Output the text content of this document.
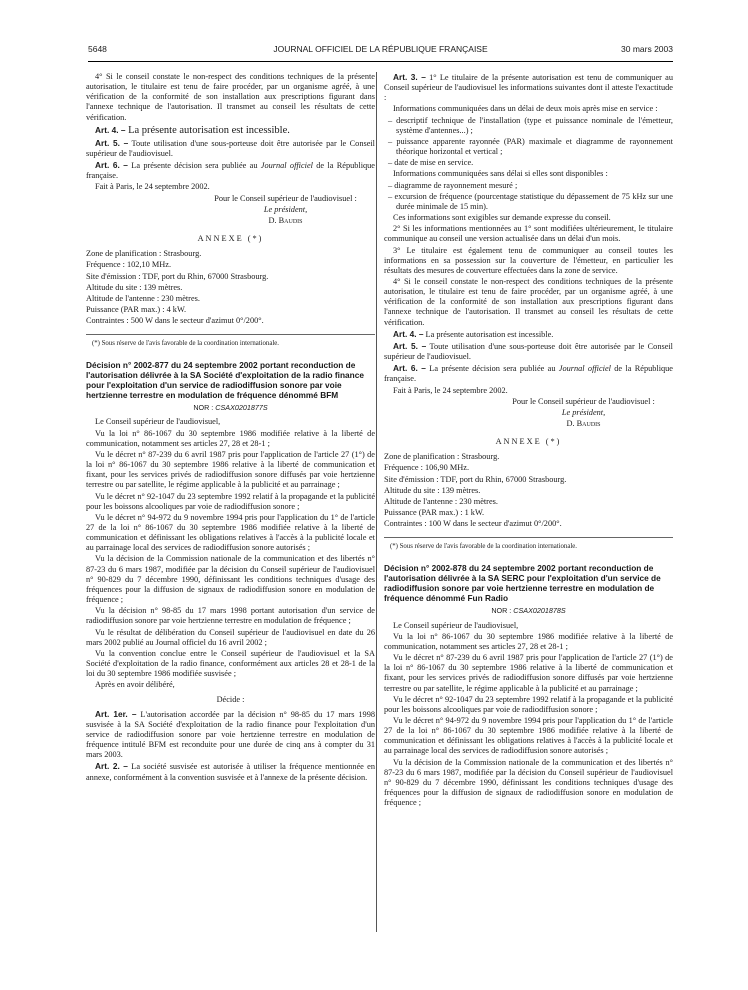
5648	JOURNAL OFFICIEL DE LA RÉPUBLIQUE FRANÇAISE	30 mars 2003

4° Si le conseil constate le non-respect des conditions techniques de la présente autorisation, le titulaire est tenu de faire procéder, par un organisme agréé, à une vérification de la conformité de son installation aux prescriptions figurant dans l'annexe technique de l'autorisation. Il transmet au conseil les résultats de cette vérification.

Art. 4. – La présente autorisation est incessible.

Art. 5. – Toute utilisation d'une sous-porteuse doit être autorisée par le Conseil supérieur de l'audiovisuel.

Art. 6. – La présente décision sera publiée au Journal officiel de la République française.

Fait à Paris, le 24 septembre 2002.

Pour le Conseil supérieur de l'audiovisuel :

Le président,

D. Baudis

ANNEXE (*)

Zone de planification : Strasbourg.

Fréquence : 102,10 MHz.

Site d'émission : TDF, port du Rhin, 67000 Strasbourg.

Altitude du site : 139 mètres.

Altitude de l'antenne : 230 mètres.

Puissance (PAR max.) : 4 kW.

Contraintes : 500 W dans le secteur d'azimut 0°/200°.

(*) Sous réserve de l'avis favorable de la coordination internationale.

Décision n° 2002-877 du 24 septembre 2002 portant reconduction de l'autorisation délivrée à la SA Société d'exploitation de la radio finance pour l'exploitation d'un service de radiodiffusion sonore par voie hertzienne terrestre en modulation de fréquence dénommé BFM

NOR : CSAX0201877S

Le Conseil supérieur de l'audiovisuel,

Vu la loi n° 86-1067 du 30 septembre 1986 modifiée relative à la liberté de communication, notamment ses articles 27, 28 et 28-1 ;

Vu le décret n° 87-239 du 6 avril 1987 pris pour l'application de l'article 27 (1°) de la loi n° 86-1067 du 30 septembre 1986 relative à la liberté de communication et fixant, pour les services privés de radiodiffusion sonore diffusés par voie hertzienne terrestre ou par satellite, le régime applicable à la publicité et au parrainage ;

Vu le décret n° 92-1047 du 23 septembre 1992 relatif à la propagande et la publicité pour les boissons alcooliques par voie de radiodiffusion sonore ;

Vu le décret n° 94-972 du 9 novembre 1994 pris pour l'application du 1° de l'article 27 de la loi n° 86-1067 du 30 septembre 1986 modifiée relative à la liberté de communication et définissant les obligations relatives à l'accès à la publicité locale et au parrainage local des services de radiodiffusion sonore autorisés ;

Vu la décision de la Commission nationale de la communication et des libertés n° 87-23 du 6 mars 1987, modifiée par la décision du Conseil supérieur de l'audiovisuel n° 90-829 du 7 décembre 1990, définissant les conditions techniques d'usage des fréquences pour la diffusion de signaux de radiodiffusion sonore en modulation de fréquence ;

Vu la décision n° 98-85 du 17 mars 1998 portant autorisation d'un service de radiodiffusion sonore par voie hertzienne terrestre en modulation de fréquence ;

Vu le résultat de délibération du Conseil supérieur de l'audiovisuel en date du 26 mars 2002 publié au Journal officiel du 16 avril 2002 ;

Vu la convention conclue entre le Conseil supérieur de l'audiovisuel et la SA Société d'exploitation de la radio finance, conformément aux articles 28 et 28-1 de la loi du 30 septembre 1986 modifiée susvisée ;

Après en avoir délibéré,

Décide :

Art. 1er. – L'autorisation accordée par la décision n° 98-85 du 17 mars 1998 susvisée à la SA Société d'exploitation de la radio finance pour l'exploitation d'un service de radiodiffusion sonore par voie hertzienne terrestre en modulation de fréquence intitulé BFM est reconduite pour une durée de cinq ans à compter du 31 mars 2003.

Art. 2. – La société susvisée est autorisée à utiliser la fréquence mentionnée en annexe, conformément à la convention susvisée et à l'annexe de la présente décision.

Art. 3. – 1° Le titulaire de la présente autorisation est tenu de communiquer au Conseil supérieur de l'audiovisuel les informations suivantes dont il atteste l'exactitude :

Informations communiquées dans un délai de deux mois après mise en service :

– descriptif technique de l'installation (type et puissance nominale de l'émetteur, système d'antennes...) ;

– puissance apparente rayonnée (PAR) maximale et diagramme de rayonnement théorique horizontal et vertical ;

– date de mise en service.

Informations communiquées sans délai si elles sont disponibles :

– diagramme de rayonnement mesuré ;

– excursion de fréquence (pourcentage statistique du dépassement de 75 kHz sur une durée minimale de 15 min).

Ces informations sont exigibles sur demande expresse du conseil.

2° Si les informations mentionnées au 1° sont modifiées ultérieurement, le titulaire communique au conseil une version actualisée dans un délai d'un mois.

3° Le titulaire est également tenu de communiquer au conseil toutes les informations en sa possession sur la couverture de l'émetteur, en particulier les résultats des mesures de couverture effectuées dans la zone de service.

4° Si le conseil constate le non-respect des conditions techniques de la présente autorisation, le titulaire est tenu de faire procéder, par un organisme agréé, à une vérification de la conformité de son installation aux prescriptions figurant dans l'annexe technique de l'autorisation. Il transmet au conseil les résultats de cette vérification.

Art. 4. – La présente autorisation est incessible.

Art. 5. – Toute utilisation d'une sous-porteuse doit être autorisée par le Conseil supérieur de l'audiovisuel.

Art. 6. – La présente décision sera publiée au Journal officiel de la République française.

Fait à Paris, le 24 septembre 2002.

Pour le Conseil supérieur de l'audiovisuel :

Le président,

D. Baudis

ANNEXE (*)

Zone de planification : Strasbourg.

Fréquence : 106,90 MHz.

Site d'émission : TDF, port du Rhin, 67000 Strasbourg.

Altitude du site : 139 mètres.

Altitude de l'antenne : 230 mètres.

Puissance (PAR max.) : 1 kW.

Contraintes : 100 W dans le secteur d'azimut 0°/200°.

(*) Sous réserve de l'avis favorable de la coordination internationale.

Décision n° 2002-878 du 24 septembre 2002 portant reconduction de l'autorisation délivrée à la SA SERC pour l'exploitation d'un service de radiodiffusion sonore par voie hertzienne terrestre en modulation de fréquence dénommé Fun Radio

NOR : CSAX0201878S

Le Conseil supérieur de l'audiovisuel,

Vu la loi n° 86-1067 du 30 septembre 1986 modifiée relative à la liberté de communication, notamment ses articles 27, 28 et 28-1 ;

Vu le décret n° 87-239 du 6 avril 1987 pris pour l'application de l'article 27 (1°) de la loi n° 86-1067 du 30 septembre 1986 relative à la liberté de communication et fixant, pour les services privés de radiodiffusion sonore diffusés par voie hertzienne terrestre ou par satellite, le régime applicable à la publicité et au parrainage ;

Vu le décret n° 92-1047 du 23 septembre 1992 relatif à la propagande et la publicité pour les boissons alcooliques par voie de radiodiffusion sonore ;

Vu le décret n° 94-972 du 9 novembre 1994 pris pour l'application du 1° de l'article 27 de la loi n° 86-1067 du 30 septembre 1986 modifiée relative à la liberté de communication et définissant les obligations relatives à l'accès à la publicité locale et au parrainage local des services de radiodiffusion sonore autorisés ;

Vu la décision de la Commission nationale de la communication et des libertés n° 87-23 du 6 mars 1987, modifiée par la décision du Conseil supérieur de l'audiovisuel n° 90-829 du 7 décembre 1990, définissant les conditions techniques d'usage des fréquences pour la diffusion de signaux de radiodiffusion sonore en modulation de fréquence ;
